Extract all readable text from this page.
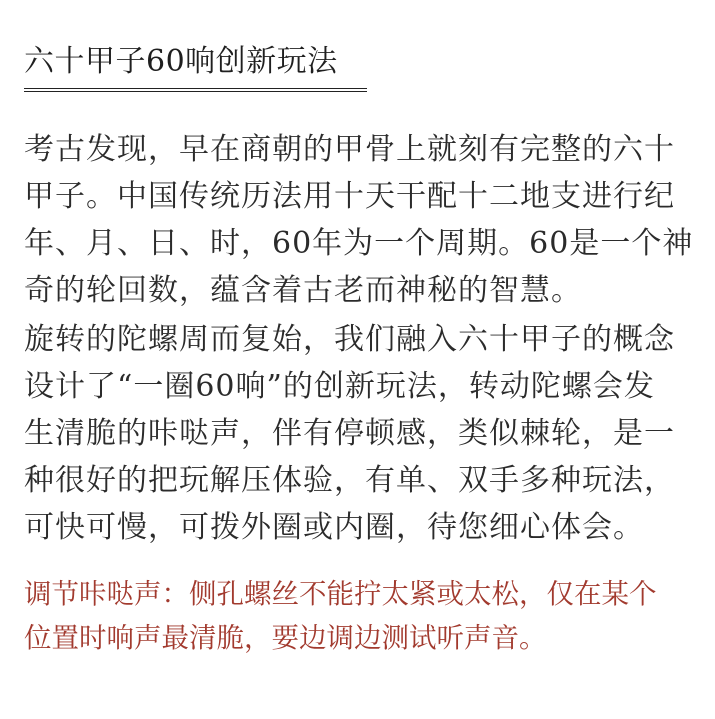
六十甲子60响创新玩法

考古发现，早在商朝的甲骨上就刻有完整的六十
甲子。中国传统历法用十天干配十二地支进行纪
年、月、日、时，60年为一个周期。60是一个神
奇的轮回数，蕴含着古老而神秘的智慧。

旋转的陀螺周而复始，我们融入六十甲子的概念
设计了“一圈60响”的创新玩法，转动陀螺会发
生清脆的咔哒声，伴有停顿感，类似棘轮，是一
种很好的把玩解压体验，有单、双手多种玩法，
可快可慢，可拨外圈或内圈，待您细心体会。

调节咔哒声：侧孔螺丝不能拧太紧或太松，仅在某个
位置时响声最清脆，要边调边测试听声音。
